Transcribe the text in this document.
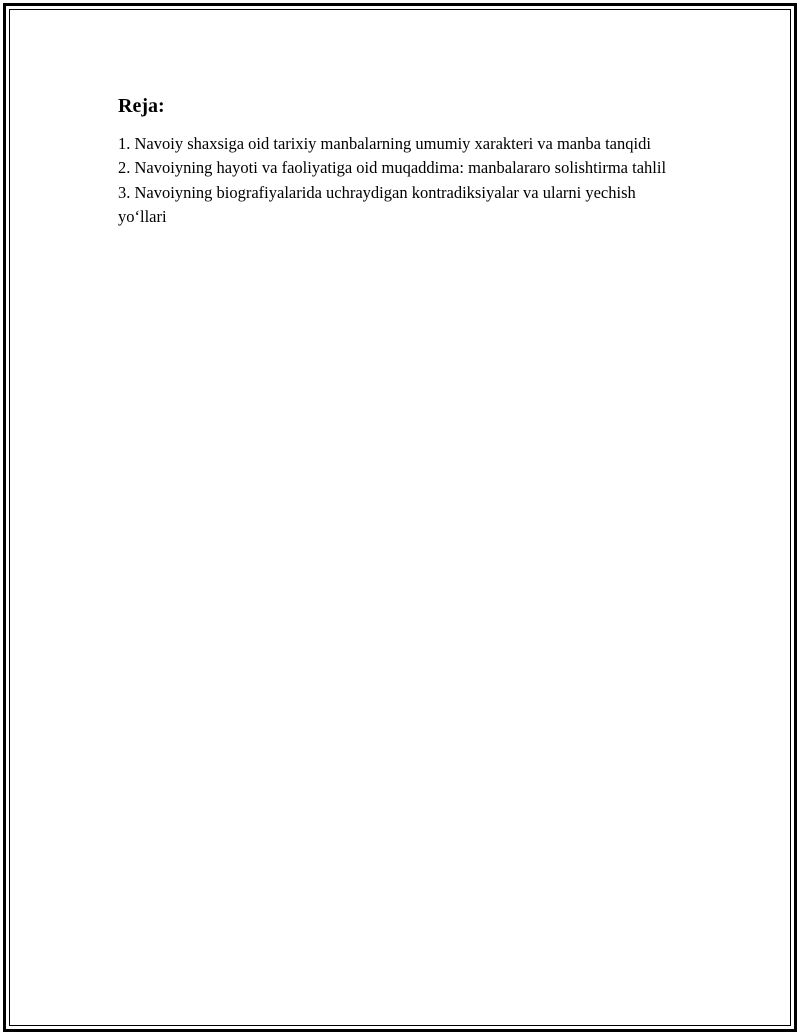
Reja:
1. Navoiy shaxsiga oid tarixiy manbalarning umumiy xarakteri va manba tanqidi
2. Navoiyning hayoti va faoliyatiga oid muqaddima: manbalararo solishtirma tahlil
3. Navoiyning biografiyalarida uchraydigan kontradiksiyalar va ularni yechish yo‘llari
